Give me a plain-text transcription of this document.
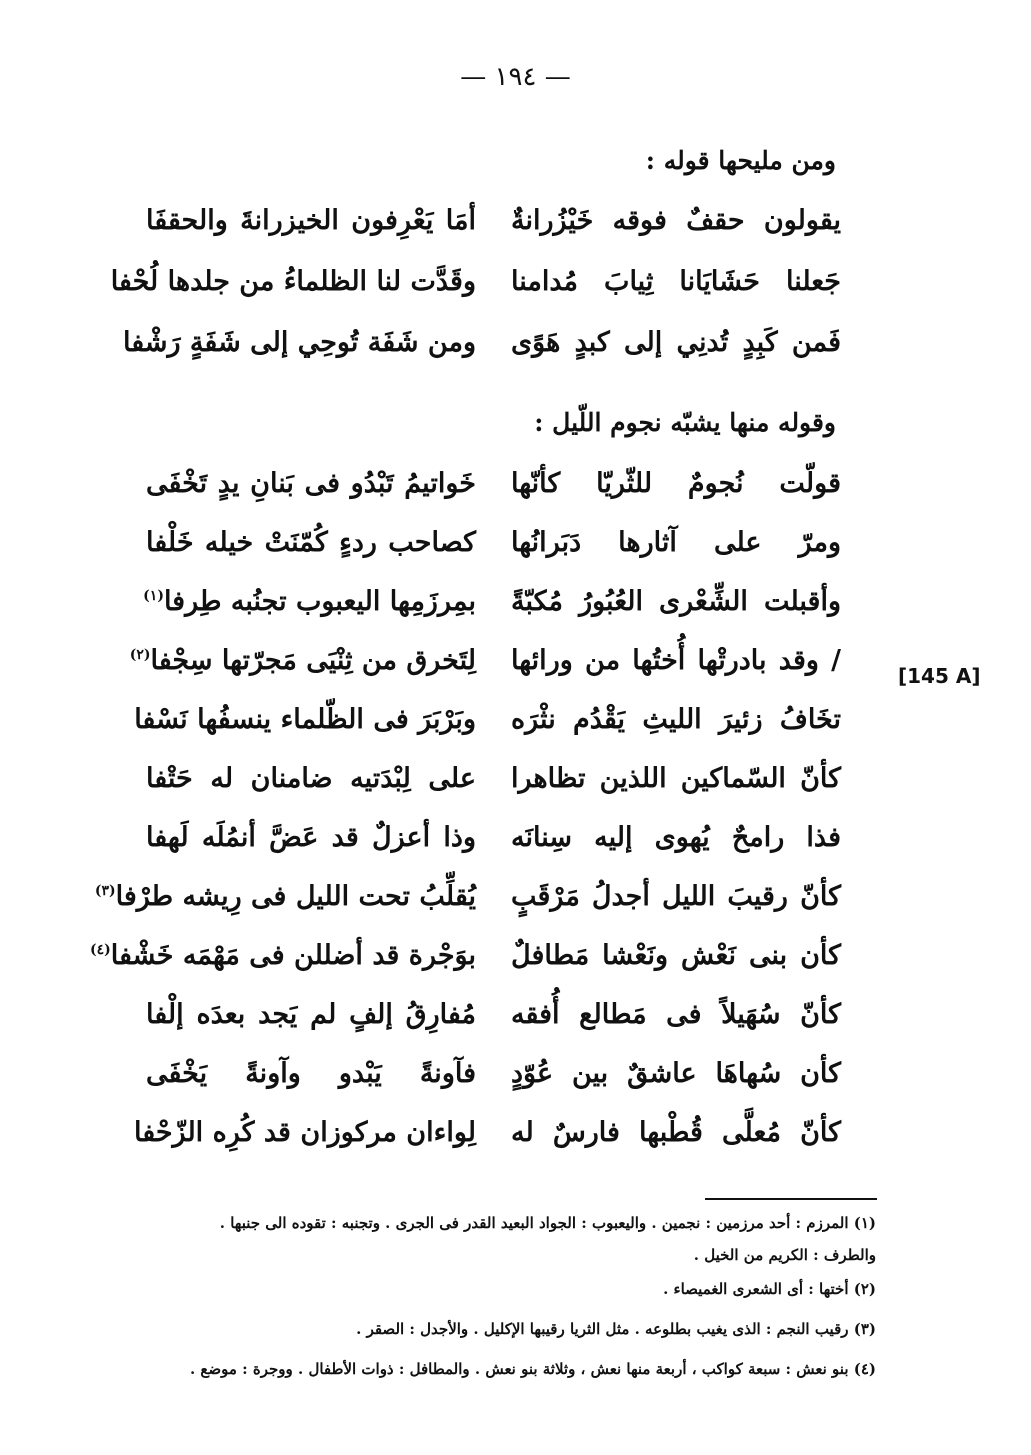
— ١٩٤ —
ومن مليحها قوله :
يقولون حقفٌ فوقه خَيْزُرانةٌ
أمَا يَعْرِفون الخيزرانةَ والحقفَا
جَعلنا حَشَايَانا ثِيابَ مُدامنا
وقَدَّت لنا الظلماءُ من جلدها لُحْفا
فَمن كَبِدٍ تُدنِي إلى كبدٍ هَوًى
ومن شَفَة تُوحِي إلى شَفَةٍ رَشْفا
وقوله منها يشبّه نجوم اللّيل :
قولّت نُجومٌ للثّريّا كأنّها
خَواتيمُ تَبْدُو فى بَنانِ يدٍ تَخْفَى
ومرّ على آثارها دَبَرانُها
كصاحب ردءٍ كُمّنَتْ خيله خَلْفا
وأقبلت الشِّعْرى العُبُورُ مُكبّةً
بمِرزَمِها اليعبوب تجنُبه طِرفا$^{(١)}$
/ وقد بادرتْها أُختُها من ورائها
لِتَخرق من ثِنْيَى مَجرّتها سِجْفا$^{(٢)}$
تخَافُ زئيرَ الليثِ يَقْدُم نثْرَه
وبَرْبَرَ فى الظّلماء ينسفُها نَسْفا
كأنّ السّماكين اللذين تظاهرا
على لِبْدَتيه ضامنان له حَتْفا
فذا رامحٌ يُهوى إليه سِنانَه
وذا أعزلٌ قد عَضَّ أنمُلَه لَهفا
كأنّ رقيبَ الليل أجدلُ مَرْقَبٍ
يُقلِّبُ تحت الليل فى رِيشه طرْفا$^{(٣)}$
كأن بنى نَعْش ونَعْشا مَطافلٌ
بوَجْرة قد أضللن فى مَهْمَه خَشْفا$^{(٤)}$
كأنّ سُهَيلاً فى مَطالع أُفقه
مُفارِقُ إلفٍ لم يَجد بعدَه إلْفا
كأن سُهاهَا عاشقٌ بين عُوّدٍ
فآونةً يَبْدو وآونةً يَخْفَى
كأنّ مُعلَّى قُطْبها فارسٌ له
لِواءان مركوزان قد كُرِه الزّحْفا
[145 A]
(١) المرزم : أحد مرزمين : نجمين . واليعبوب : الجواد البعيد القدر فى الجرى . وتجنبه : تقوده الى جنبها .
والطرف : الكريم من الخيل .
(٢) أختها : أى الشعرى الغميصاء .
(٣) رقيب النجم : الذى يغيب بطلوعه . مثل الثريا رقيبها الإكليل . والأجدل : الصقر .
(٤) بنو نعش : سبعة كواكب ، أربعة منها نعش ، وثلاثة بنو نعش . والمطافل : ذوات الأطفال . ووجرة : موضع .
